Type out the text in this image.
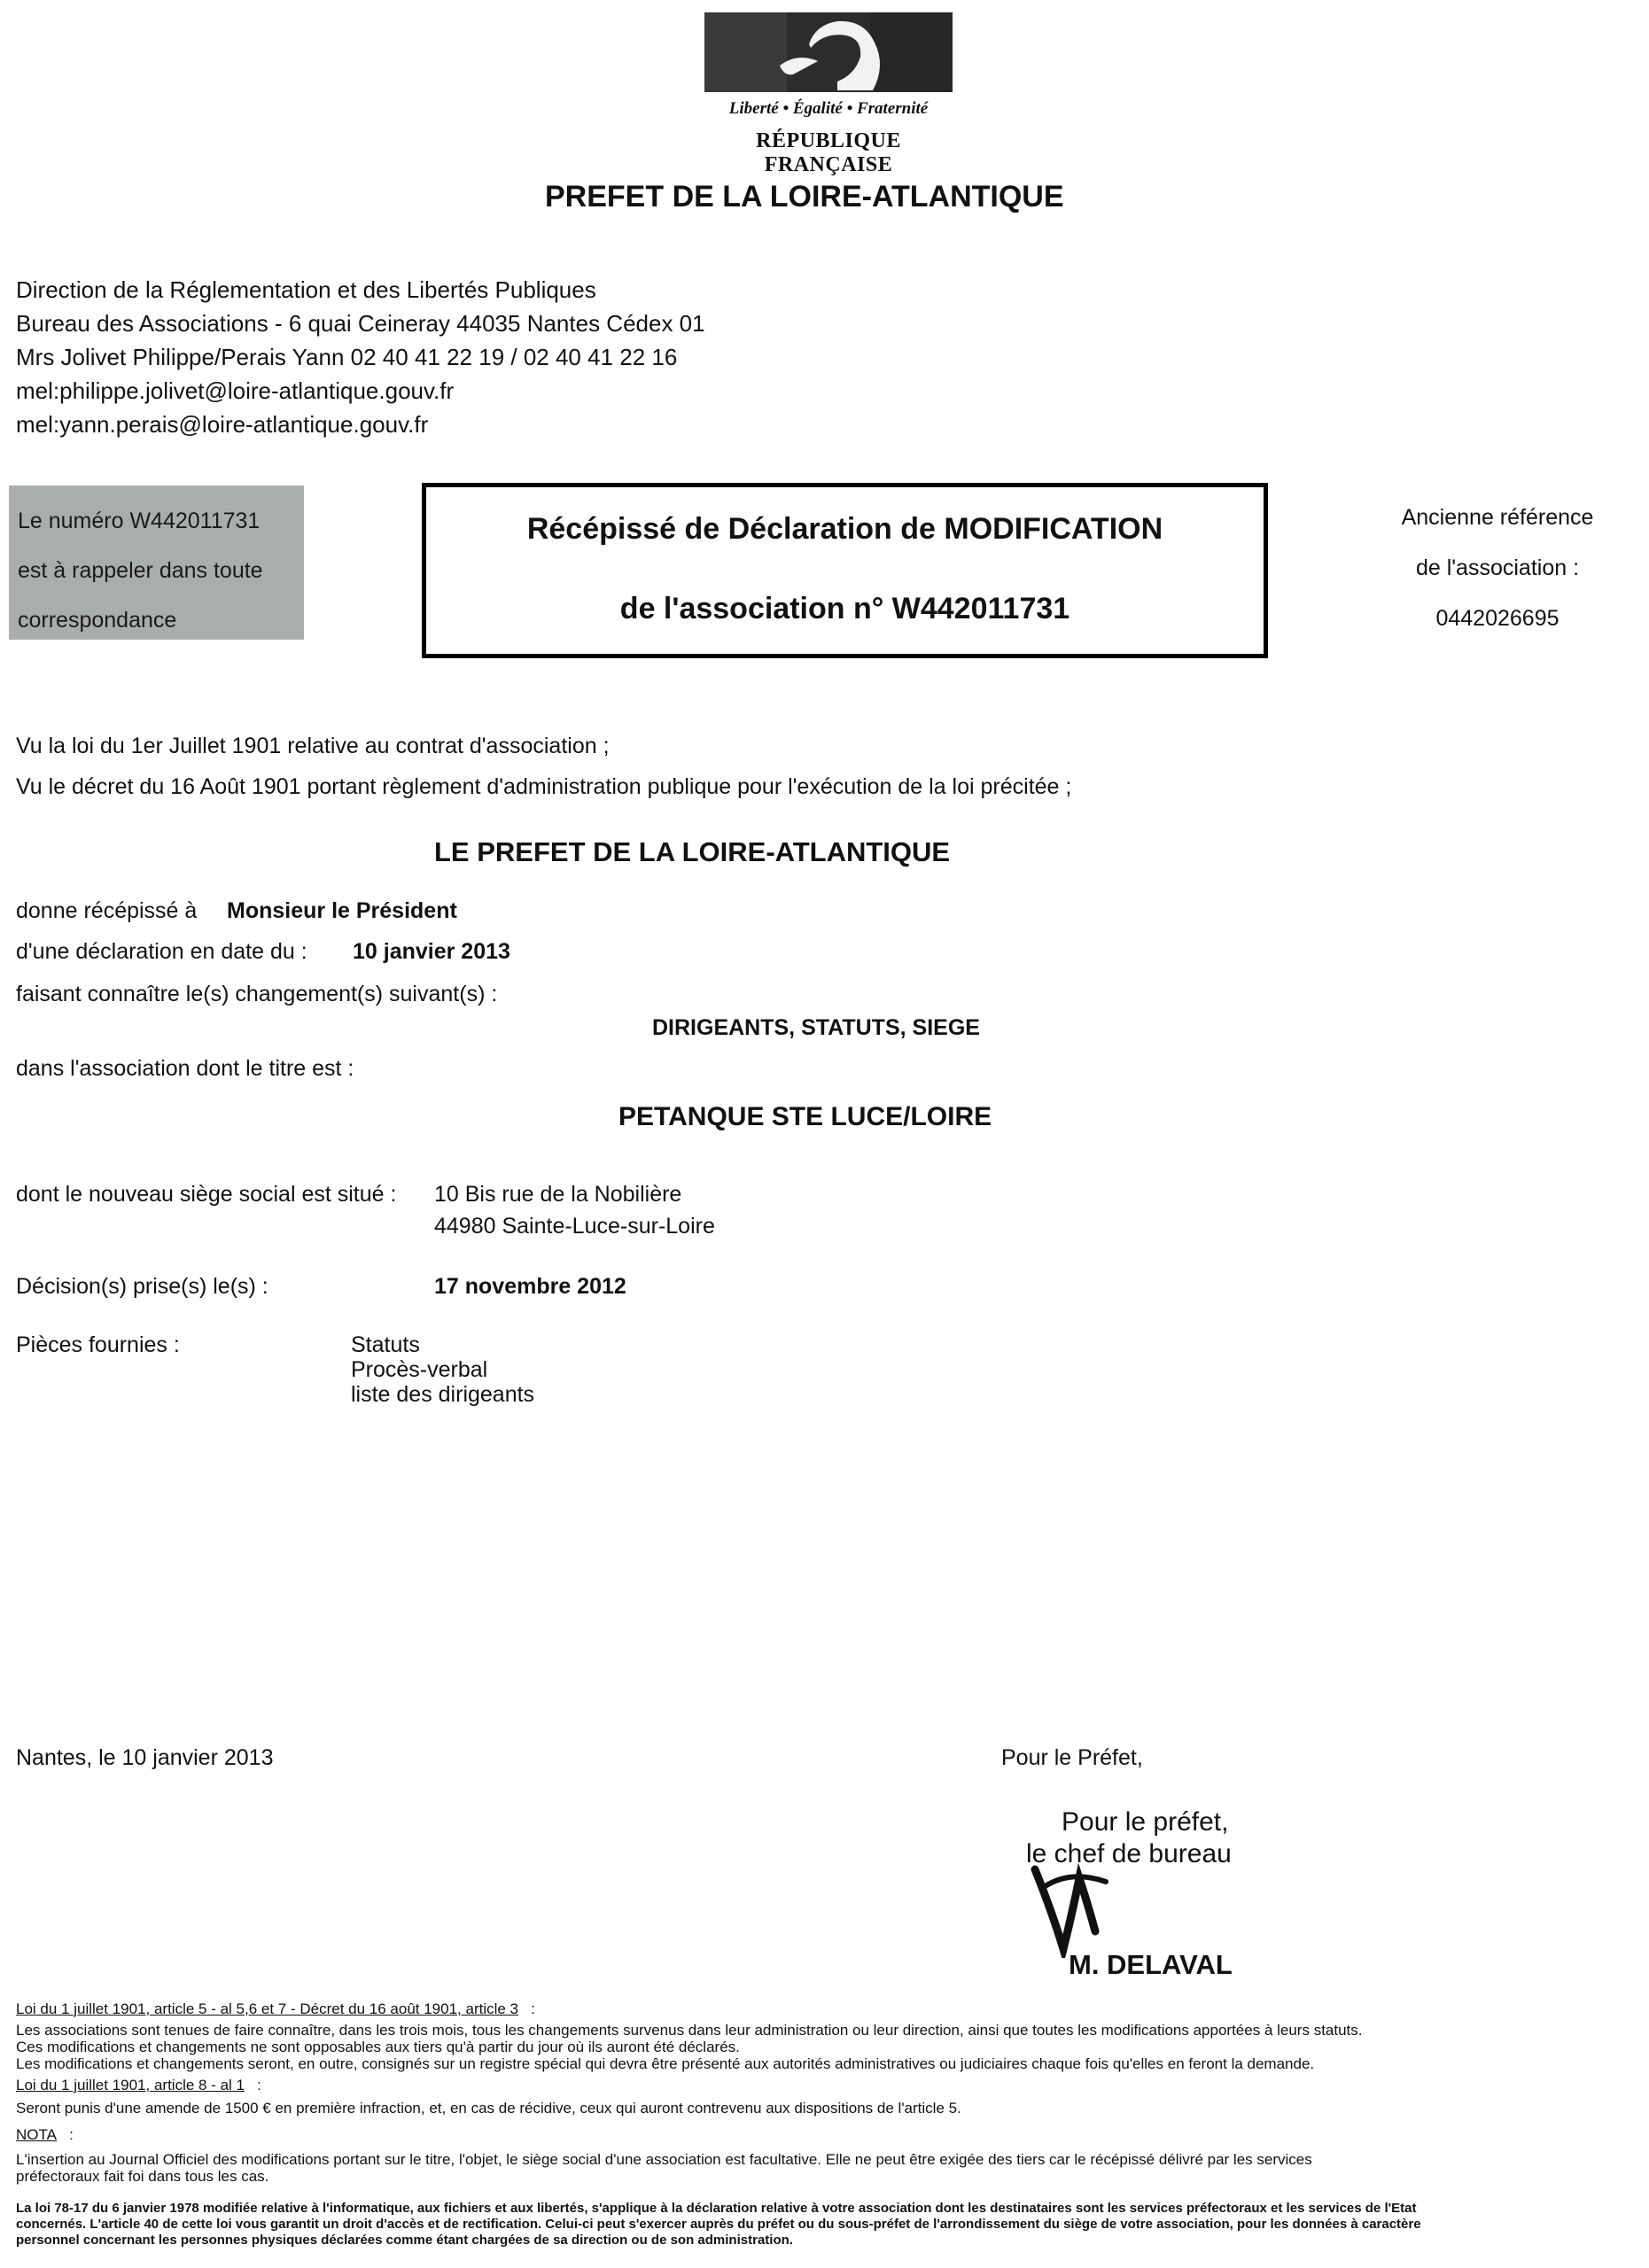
Liberté • Égalité • Fraternité
RÉPUBLIQUE FRANÇAISE
PREFET DE LA LOIRE-ATLANTIQUE
Direction de la Réglementation et des Libertés Publiques
Bureau des Associations - 6 quai Ceineray 44035 Nantes Cédex 01
Mrs Jolivet Philippe/Perais Yann 02 40 41 22 19 / 02 40 41 22 16
mel:philippe.jolivet@loire-atlantique.gouv.fr
mel:yann.perais@loire-atlantique.gouv.fr
Le numéro W442011731
est à rappeler dans toute
correspondance
Récépissé de Déclaration de MODIFICATION
de l'association n° W442011731
Ancienne référence
de l'association :
0442026695
Vu la loi du 1er Juillet 1901 relative au contrat d'association ;
Vu le décret du 16 Août 1901 portant règlement d'administration publique pour l'exécution de la loi précitée ;
LE PREFET DE LA LOIRE-ATLANTIQUE
donne récépissé à Monsieur le Président
d'une déclaration en date du : 10 janvier 2013
faisant connaître le(s) changement(s) suivant(s) :
DIRIGEANTS, STATUTS, SIEGE
dans l'association dont le titre est :
PETANQUE STE LUCE/LOIRE
dont le nouveau siège social est situé : 10 Bis rue de la Nobilière
44980 Sainte-Luce-sur-Loire
Décision(s) prise(s) le(s) :	17 novembre 2012
Pièces fournies :	Statuts
Procès-verbal
liste des dirigeants
Nantes, le 10 janvier 2013	Pour le Préfet,
Pour le préfet,
le chef de bureau
M. DELAVAL
Loi du 1 juillet 1901, article 5 - al 5,6 et 7 - Décret du 16 août 1901, article 3 :
Les associations sont tenues de faire connaître, dans les trois mois, tous les changements survenus dans leur administration ou leur direction, ainsi que toutes les modifications apportées à leurs statuts.
Ces modifications et changements ne sont opposables aux tiers qu'à partir du jour où ils auront été déclarés.
Les modifications et changements seront, en outre, consignés sur un registre spécial qui devra être présenté aux autorités administratives ou judiciaires chaque fois qu'elles en feront la demande.
Loi du 1 juillet 1901, article 8 - al 1 :
Seront punis d'une amende de 1500 € en première infraction, et, en cas de récidive, ceux qui auront contrevenu aux dispositions de l'article 5.
NOTA :
L'insertion au Journal Officiel des modifications portant sur le titre, l'objet, le siège social d'une association est facultative. Elle ne peut être exigée des tiers car le récépissé délivré par les services
préfectoraux fait foi dans tous les cas.
La loi 78-17 du 6 janvier 1978 modifiée relative à l'informatique, aux fichiers et aux libertés, s'applique à la déclaration relative à votre association dont les destinataires sont les services préfectoraux et les services de l'Etat
concernés. L'article 40 de cette loi vous garantit un droit d'accès et de rectification. Celui-ci peut s'exercer auprès du préfet ou du sous-préfet de l'arrondissement du siège de votre association, pour les données à caractère
personnel concernant les personnes physiques déclarées comme étant chargées de sa direction ou de son administration.
